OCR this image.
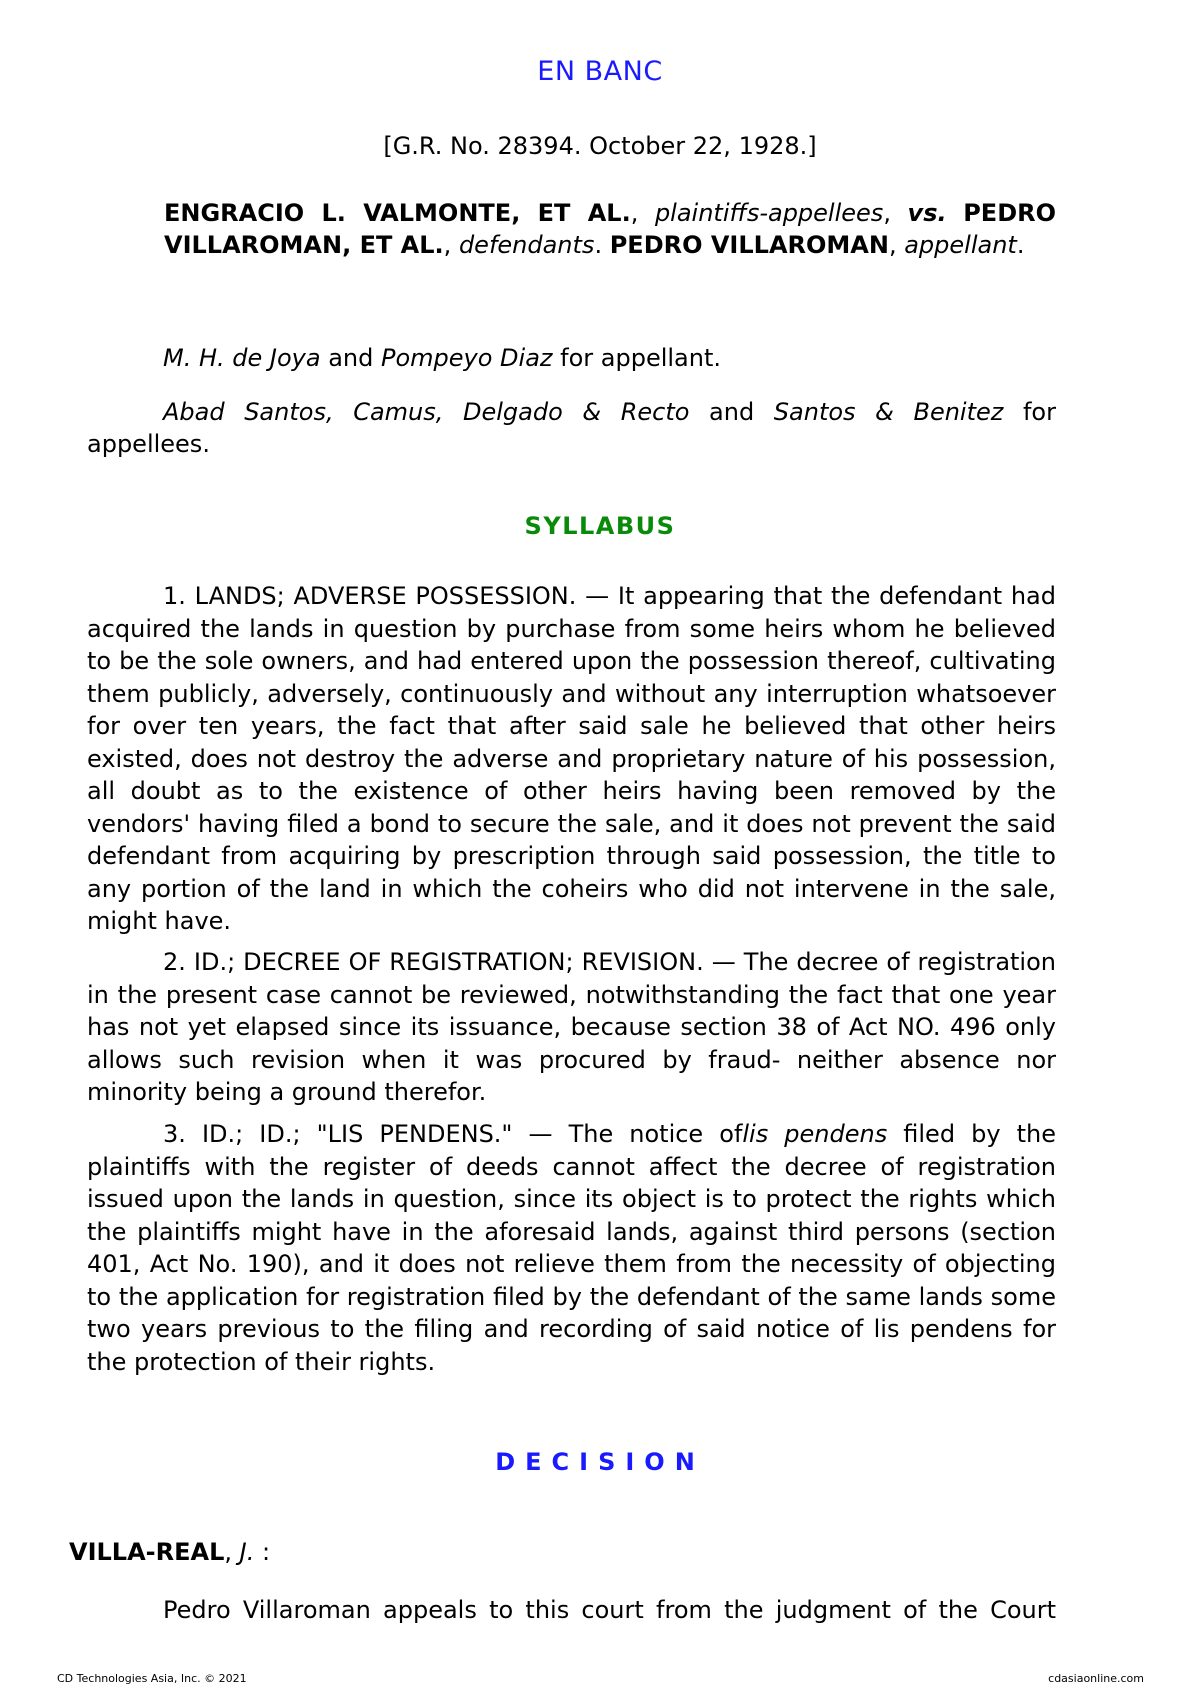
EN BANC
[G.R. No. 28394. October 22, 1928.]
ENGRACIO L. VALMONTE, ET AL., plaintiffs-appellees, vs. PEDRO VILLAROMAN, ET AL., defendants. PEDRO VILLAROMAN, appellant.
M. H. de Joya and Pompeyo Diaz for appellant.
Abad Santos, Camus, Delgado & Recto and Santos & Benitez for appellees.
SYLLABUS
1. LANDS; ADVERSE POSSESSION. — It appearing that the defendant had acquired the lands in question by purchase from some heirs whom he believed to be the sole owners, and had entered upon the possession thereof, cultivating them publicly, adversely, continuously and without any interruption whatsoever for over ten years, the fact that after said sale he believed that other heirs existed, does not destroy the adverse and proprietary nature of his possession, all doubt as to the existence of other heirs having been removed by the vendors' having filed a bond to secure the sale, and it does not prevent the said defendant from acquiring by prescription through said possession, the title to any portion of the land in which the coheirs who did not intervene in the sale, might have.
2. ID.; DECREE OF REGISTRATION; REVISION. — The decree of registration in the present case cannot be reviewed, notwithstanding the fact that one year has not yet elapsed since its issuance, because section 38 of Act NO. 496 only allows such revision when it was procured by fraud- neither absence nor minority being a ground therefor.
3. ID.; ID.; "LIS PENDENS." — The notice oflis pendens filed by the plaintiffs with the register of deeds cannot affect the decree of registration issued upon the lands in question, since its object is to protect the rights which the plaintiffs might have in the aforesaid lands, against third persons (section 401, Act No. 190), and it does not relieve them from the necessity of objecting to the application for registration filed by the defendant of the same lands some two years previous to the filing and recording of said notice of lis pendens for the protection of their rights.
DECISION
VILLA-REAL, J. :
Pedro Villaroman appeals to this court from the judgment of the Court
CD Technologies Asia, Inc. © 2021	cdasiaonline.com
